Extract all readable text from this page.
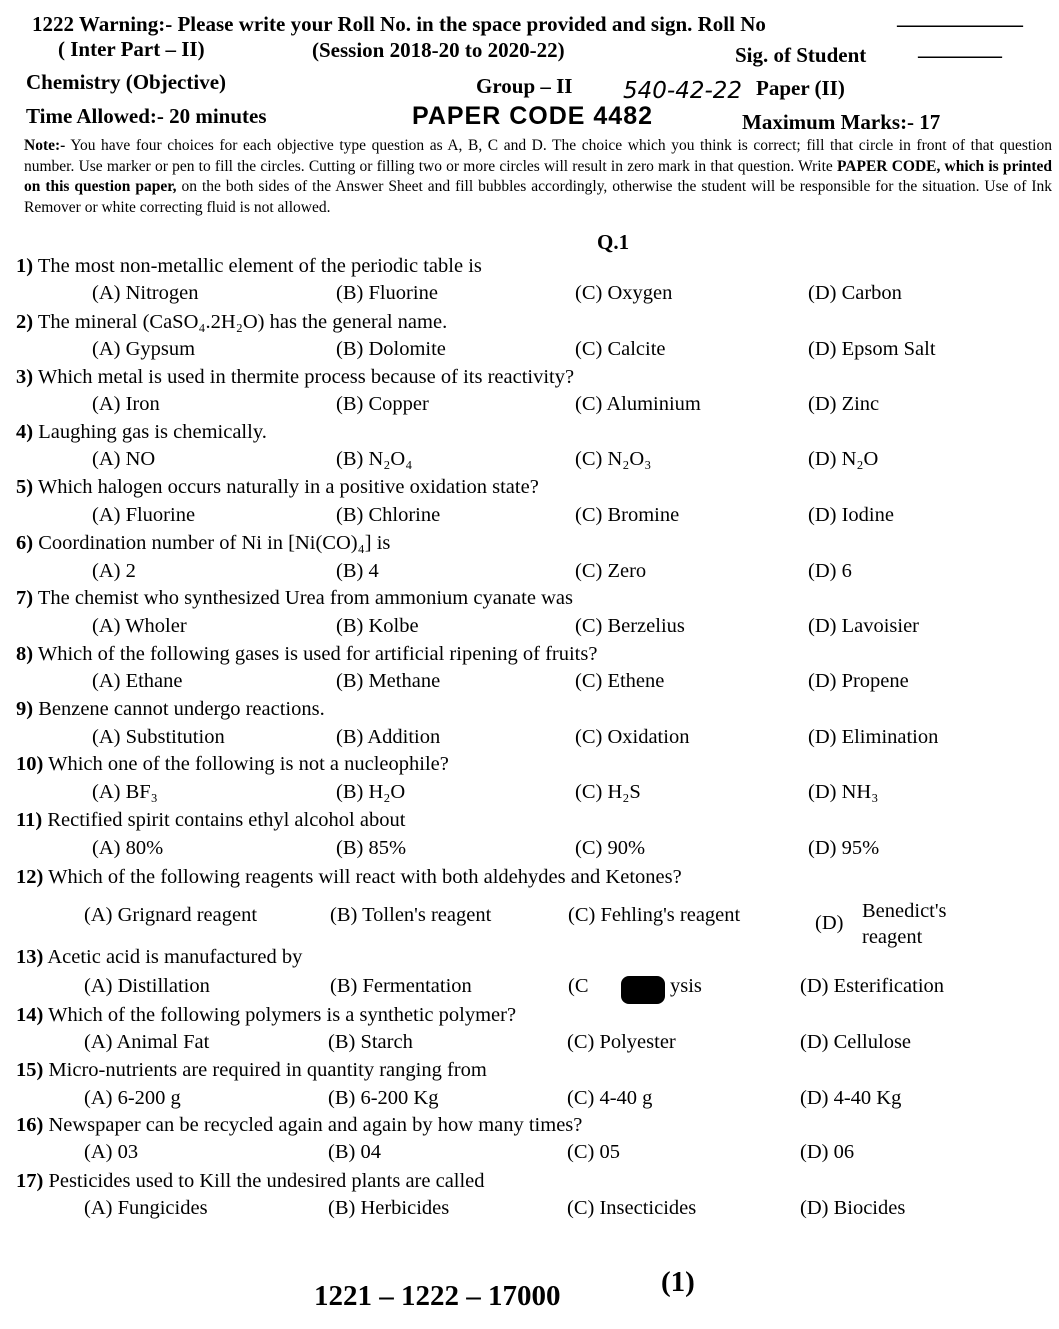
1222 Warning:- Please write your Roll No. in the space provided and sign. Roll No	——————
( Inter Part – II)	(Session 2018-20 to 2020-22)	Sig. of Student ————
Chemistry (Objective)	Group – II 540-42-22 Paper (II)
Time Allowed:- 20 minutes	PAPER CODE 4482	Maximum Marks:- 17
Note:- You have four choices for each objective type question as A, B, C and D. The choice which you think is correct; fill that circle in front of that question number. Use marker or pen to fill the circles. Cutting or filling two or more circles will result in zero mark in that question. Write PAPER CODE, which is printed on this question paper, on the both sides of the Answer Sheet and fill bubbles accordingly, otherwise the student will be responsible for the situation. Use of Ink Remover or white correcting fluid is not allowed.
Q.1
1) The most non-metallic element of the periodic table is
(A) Nitrogen	(B) Fluorine	(C) Oxygen	(D) Carbon
2) The mineral (CaSO₄.2H₂O) has the general name.
(A) Gypsum	(B) Dolomite	(C) Calcite	(D) Epsom Salt
3) Which metal is used in thermite process because of its reactivity?
(A) Iron	(B) Copper	(C) Aluminium	(D) Zinc
4) Laughing gas is chemically.
(A) NO	(B) N₂O₄	(C) N₂O₃	(D) N₂O
5) Which halogen occurs naturally in a positive oxidation state?
(A) Fluorine	(B) Chlorine	(C) Bromine	(D) Iodine
6) Coordination number of Ni in [Ni(CO)₄] is
(A) 2	(B) 4	(C) Zero	(D) 6
7) The chemist who synthesized Urea from ammonium cyanate was
(A) Wholer	(B) Kolbe	(C) Berzelius	(D) Lavoisier
8) Which of the following gases is used for artificial ripening of fruits?
(A) Ethane	(B) Methane	(C) Ethene	(D) Propene
9) Benzene cannot undergo reactions.
(A) Substitution	(B) Addition	(C) Oxidation	(D) Elimination
10) Which one of the following is not a nucleophile?
(A) BF₃	(B) H₂O	(C) H₂S	(D) NH₃
11) Rectified spirit contains ethyl alcohol about
(A) 80%	(B) 85%	(C) 90%	(D) 95%
12) Which of the following reagents will react with both aldehydes and Ketones?
(A) Grignard reagent	(B) Tollen's reagent	(C) Fehling's reagent	(D)
Benedict's
reagent
13) Acetic acid is manufactured by
(A) Distillation	(B) Fermentation	(C	ysis	(D) Esterification
14) Which of the following polymers is a synthetic polymer?
(A) Animal Fat	(B) Starch	(C) Polyester	(D) Cellulose
15) Micro-nutrients are required in quantity ranging from
(A) 6-200 g	(B) 6-200 Kg	(C) 4-40 g	(D) 4-40 Kg
16) Newspaper can be recycled again and again by how many times?
(A) 03	(B) 04	(C) 05	(D) 06
17) Pesticides used to Kill the undesired plants are called
(A) Fungicides	(B) Herbicides	(C) Insecticides	(D) Biocides
1221 – 1222 – 17000	(1)
